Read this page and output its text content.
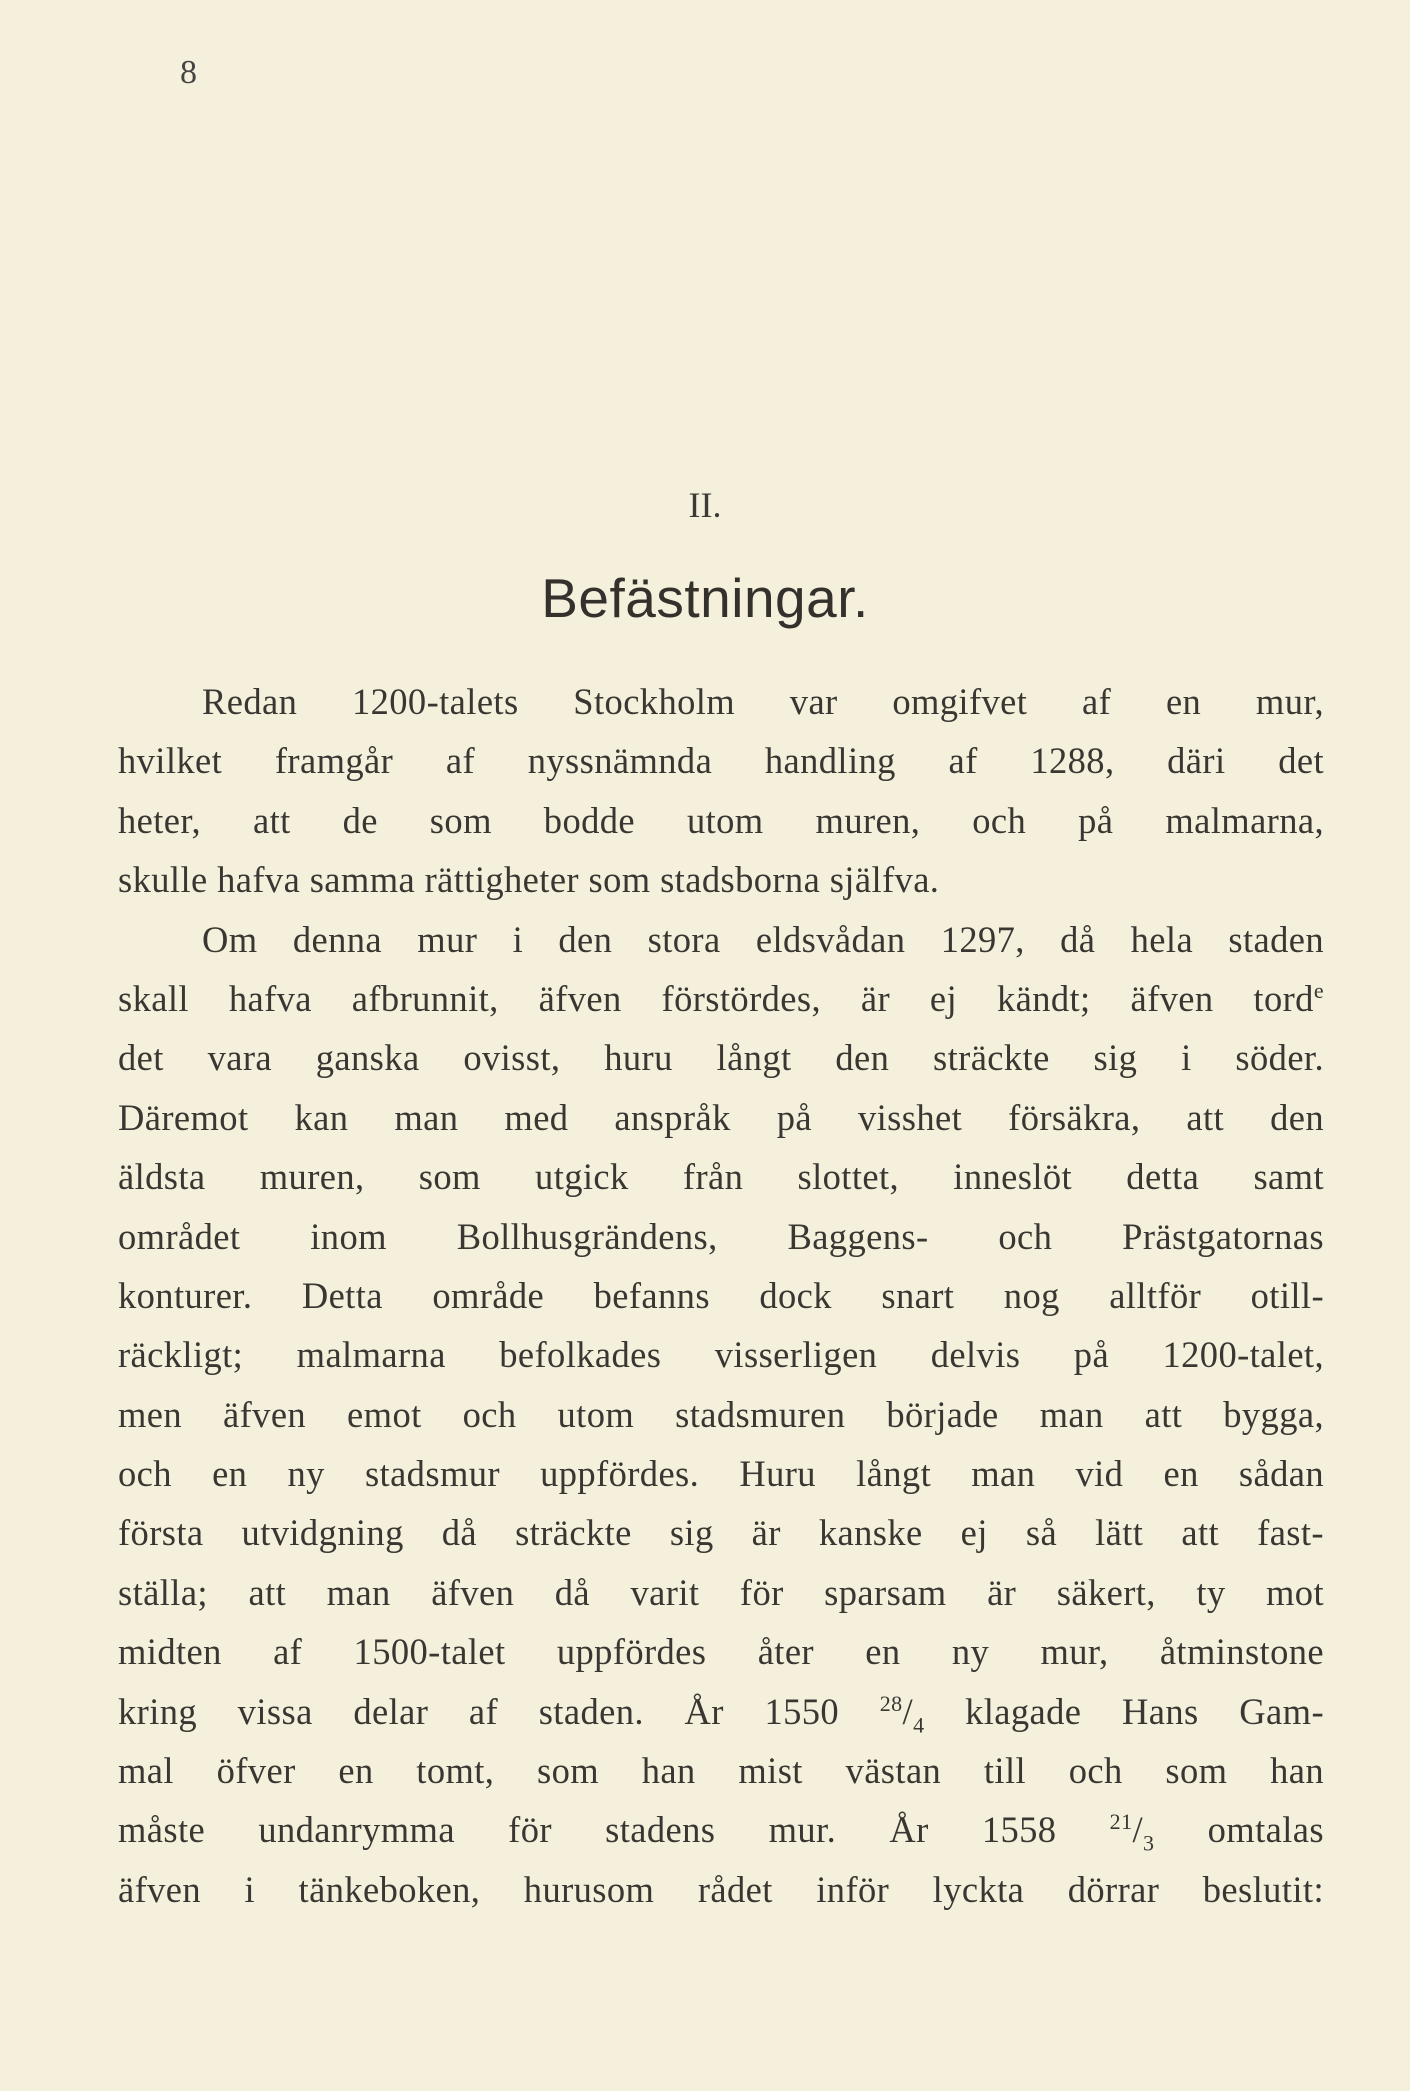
8
II.
Befästningar.
Redan 1200-talets Stockholm var omgifvet af en mur,
hvilket framgår af nyssnämnda handling af 1288, däri det
heter, att de som bodde utom muren, och på malmarna,
skulle hafva samma rättigheter som stadsborna själfva.
Om denna mur i den stora eldsvådan 1297, då hela staden
skall hafva afbrunnit, äfven förstördes, är ej kändt; äfven tord$^e$
det vara ganska ovisst, huru långt den sträckte sig i söder.
Däremot kan man med anspråk på visshet försäkra, att den
äldsta muren, som utgick från slottet, inneslöt detta samt
området inom Bollhusgrändens, Baggens- och Prästgatornas
konturer. Detta område befanns dock snart nog alltför otill-
räckligt; malmarna befolkades visserligen delvis på 1200-talet,
men äfven emot och utom stadsmuren började man att bygga,
och en ny stadsmur uppfördes. Huru långt man vid en sådan
första utvidgning då sträckte sig är kanske ej så lätt att fast-
ställa; att man äfven då varit för sparsam är säkert, ty mot
midten af 1500-talet uppfördes åter en ny mur, åtminstone
kring vissa delar af staden. År 1550 $^{28}/_4$ klagade Hans Gam-
mal öfver en tomt, som han mist västan till och som han
måste undanrymma för stadens mur. År 1558 $^{21}/_3$ omtalas
äfven i tänkeboken, hurusom rådet inför lyckta dörrar beslutit:
